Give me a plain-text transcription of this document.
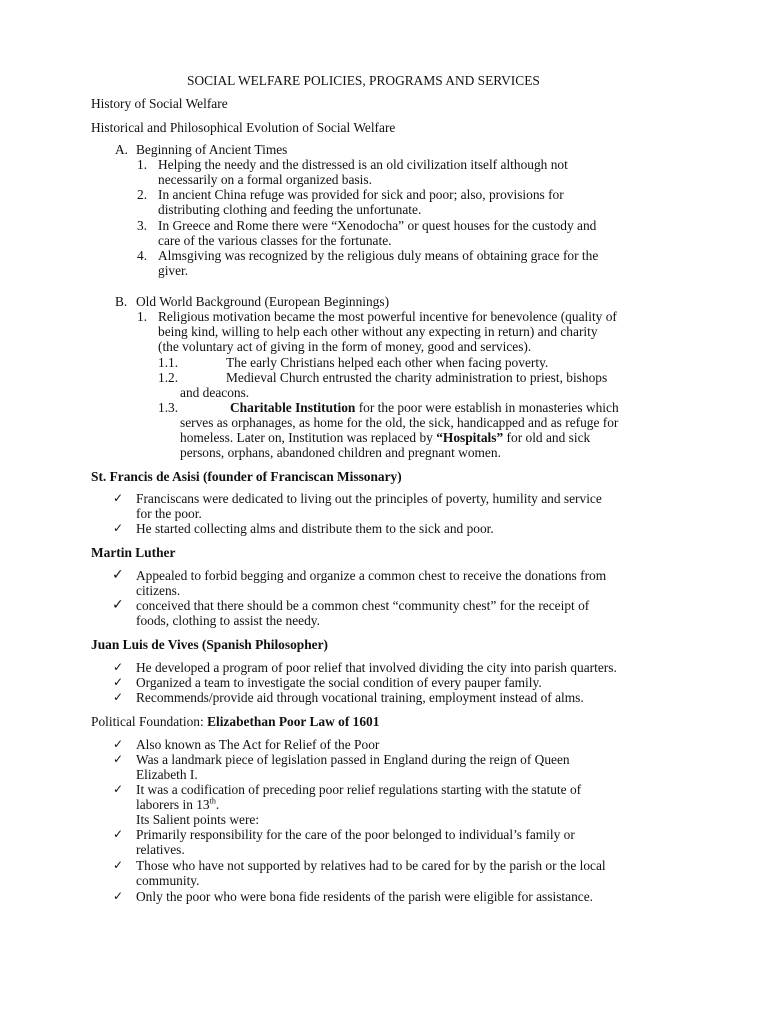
SOCIAL WELFARE POLICIES, PROGRAMS AND SERVICES
History of Social Welfare
Historical and Philosophical Evolution of Social Welfare
A. Beginning of Ancient Times
1. Helping the needy and the distressed is an old civilization itself although not
necessarily on a formal organized basis.
2. In ancient China refuge was provided for sick and poor; also, provisions for
distributing clothing and feeding the unfortunate.
3. In Greece and Rome there were “Xenodocha” or quest houses for the custody and
care of the various classes for the fortunate.
4. Almsgiving was recognized by the religious duly means of obtaining grace for the
giver.
B. Old World Background (European Beginnings)
1. Religious motivation became the most powerful incentive for benevolence (quality of
being kind, willing to help each other without any expecting in return) and charity
(the voluntary act of giving in the form of money, good and services).
1.1.	The early Christians helped each other when facing poverty.
1.2.	Medieval Church entrusted the charity administration to priest, bishops
and deacons.
1.3.	Charitable Institution for the poor were establish in monasteries which
serves as orphanages, as home for the old, the sick, handicapped and as refuge for
homeless. Later on, Institution was replaced by “Hospitals” for old and sick
persons, orphans, abandoned children and pregnant women.
St. Francis de Asisi (founder of Franciscan Missonary)
✓ Franciscans were dedicated to living out the principles of poverty, humility and service
for the poor.
✓ He started collecting alms and distribute them to the sick and poor.
Martin Luther
✓ Appealed to forbid begging and organize a common chest to receive the donations from
citizens.
✓ conceived that there should be a common chest “community chest” for the receipt of
foods, clothing to assist the needy.
Juan Luis de Vives (Spanish Philosopher)
✓ He developed a program of poor relief that involved dividing the city into parish quarters.
✓ Organized a team to investigate the social condition of every pauper family.
✓ Recommends/provide aid through vocational training, employment instead of alms.
Political Foundation: Elizabethan Poor Law of 1601
✓ Also known as The Act for Relief of the Poor
✓ Was a landmark piece of legislation passed in England during the reign of Queen
Elizabeth I.
✓ It was a codification of preceding poor relief regulations starting with the statute of
laborers in 13th.
Its Salient points were:
✓ Primarily responsibility for the care of the poor belonged to individual’s family or
relatives.
✓ Those who have not supported by relatives had to be cared for by the parish or the local
community.
✓ Only the poor who were bona fide residents of the parish were eligible for assistance.
